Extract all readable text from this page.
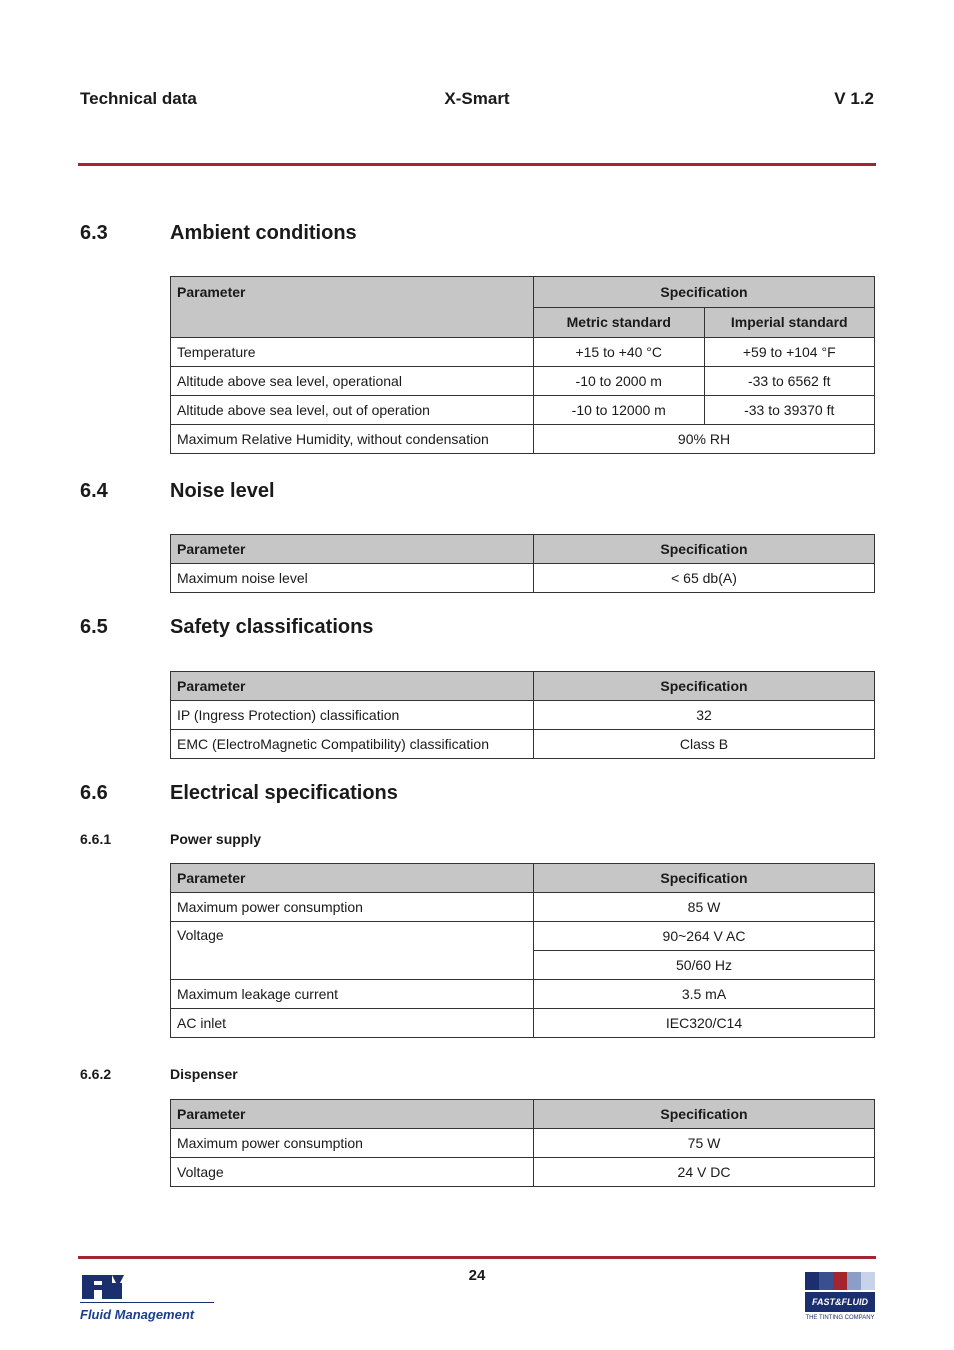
Technical data	X-Smart	V 1.2
6.3	Ambient conditions
Parameter	Specification	
	Metric standard	Imperial standard
Temperature	+15 to +40 °C	+59 to +104 °F
Altitude above sea level, operational	-10 to 2000 m	-33 to 6562 ft
Altitude above sea level, out of operation	-10 to 12000 m	-33 to 39370 ft
Maximum Relative Humidity, without condensation	90% RH	
6.4	Noise level
Parameter	Specification
Maximum noise level	< 65 db(A)
6.5	Safety classifications
Parameter	Specification
IP (Ingress Protection) classification	32
EMC (ElectroMagnetic Compatibility) classification	Class B
6.6	Electrical specifications
6.6.1	Power supply
Parameter	Specification
Maximum power consumption	85 W
Voltage	90~264 V AC
	50/60 Hz
Maximum leakage current	3.5 mA
AC inlet	IEC320/C14
6.6.2	Dispenser
Parameter	Specification
Maximum power consumption	75 W
Voltage	24 V DC
24
Fluid Management
FAST&FLUID
THE TINTING COMPANY
